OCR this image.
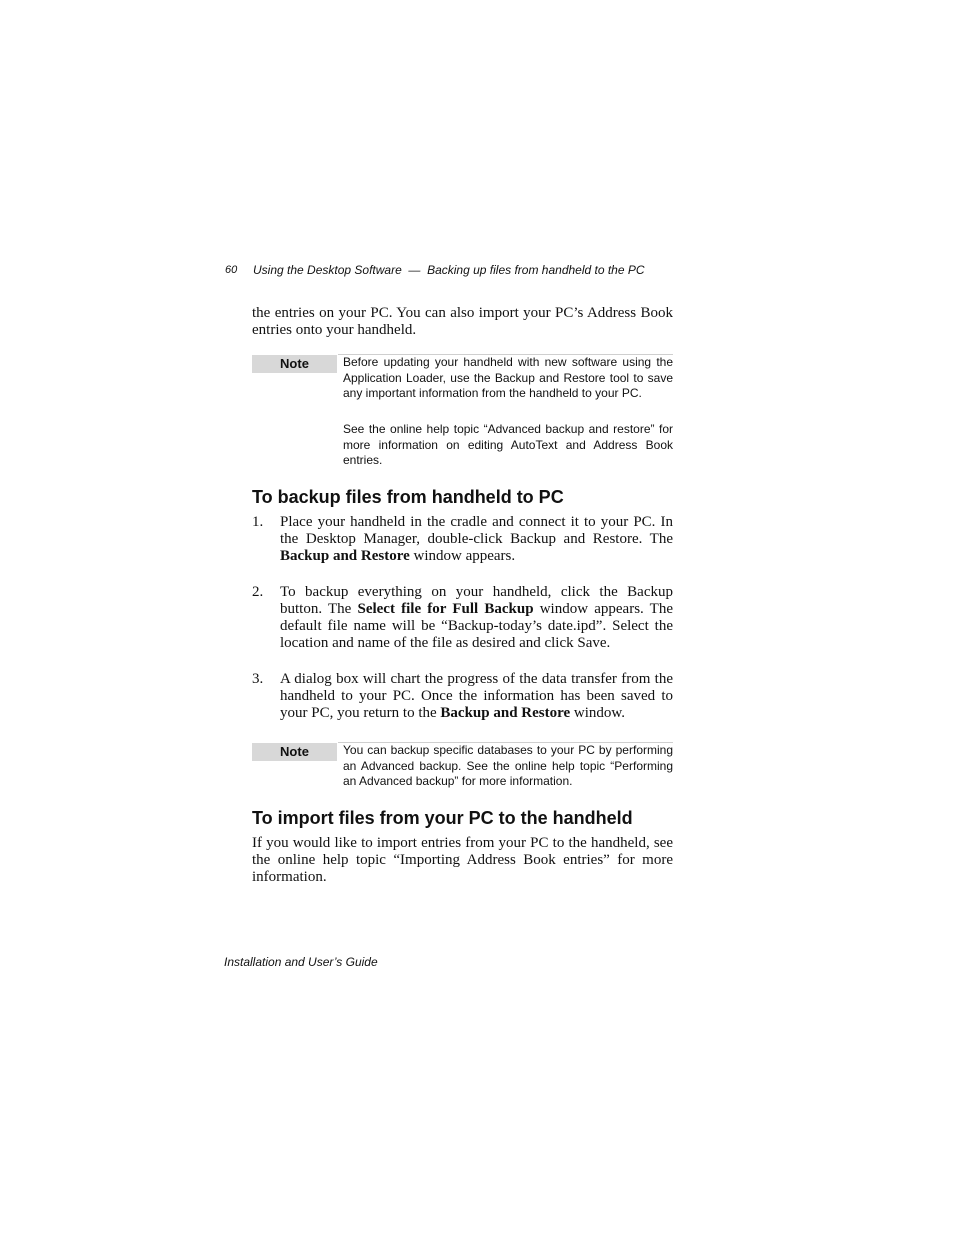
60 Using the Desktop Software  —  Backing up files from handheld to the PC
the entries on your PC. You can also import your PC’s Address Book entries onto your handheld.
Note	Before updating your handheld with new software using the Application Loader, use the Backup and Restore tool to save any important information from the handheld to your PC.
See the online help topic “Advanced backup and restore” for more information on editing AutoText and Address Book entries.
To backup files from handheld to PC
1. Place your handheld in the cradle and connect it to your PC. In the Desktop Manager, double-click Backup and Restore. The Backup and Restore window appears.
2. To backup everything on your handheld, click the Backup button. The Select file for Full Backup window appears. The default file name will be “Backup-today’s date.ipd”. Select the location and name of the file as desired and click Save.
3. A dialog box will chart the progress of the data transfer from the handheld to your PC. Once the information has been saved to your PC, you return to the Backup and Restore window.
Note	You can backup specific databases to your PC by performing an Advanced backup. See the online help topic “Performing an Advanced backup” for more information.
To import files from your PC to the handheld
If you would like to import entries from your PC to the handheld, see the online help topic “Importing Address Book entries” for more information.
Installation and User’s Guide
